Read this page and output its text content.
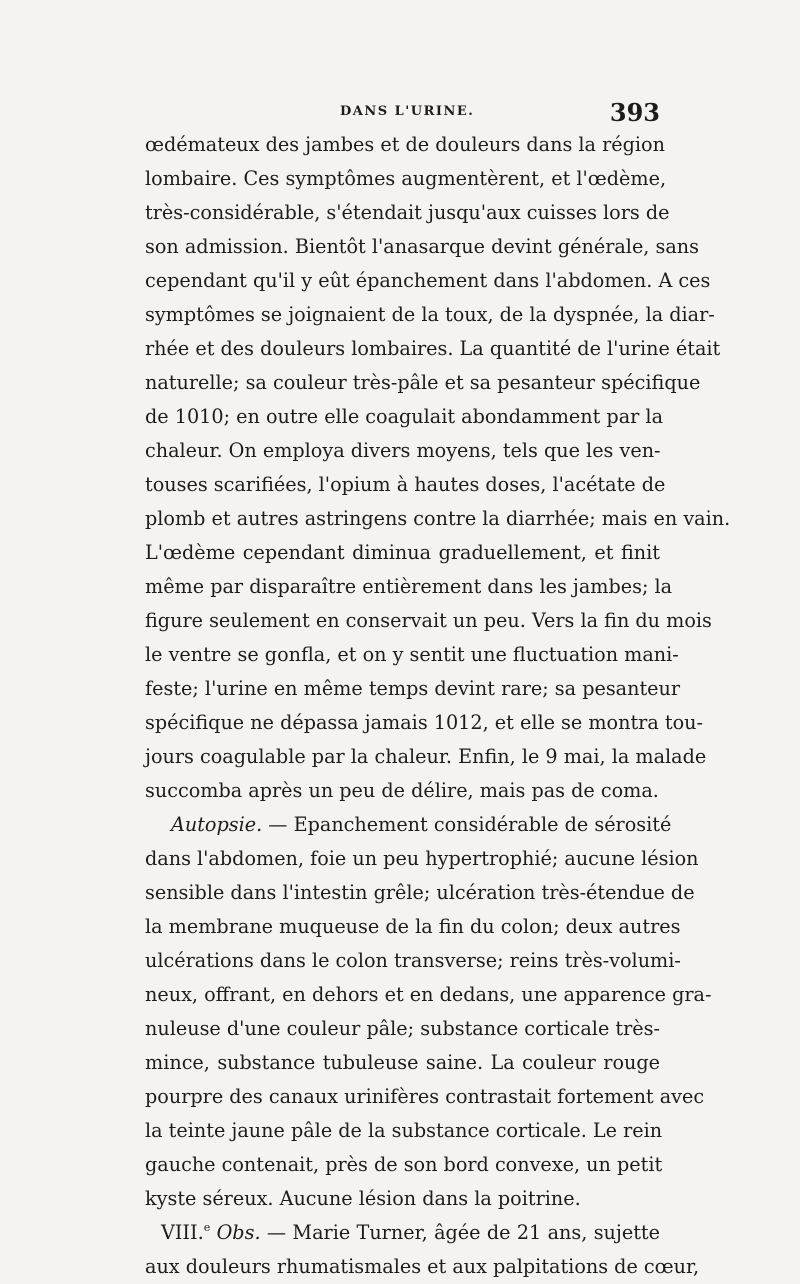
DANS L'URINE.	393
œdémateux des jambes et de douleurs dans la région
lombaire. Ces symptômes augmentèrent, et l'œdème,
très-considérable, s'étendait jusqu'aux cuisses lors de
son admission. Bientôt l'anasarque devint générale, sans
cependant qu'il y eût épanchement dans l'abdomen. A ces
symptômes se joignaient de la toux, de la dyspnée, la diar-
rhée et des douleurs lombaires. La quantité de l'urine était
naturelle; sa couleur très-pâle et sa pesanteur spécifique
de 1010; en outre elle coagulait abondamment par la
chaleur. On employa divers moyens, tels que les ven-
touses scarifiées, l'opium à hautes doses, l'acétate de
plomb et autres astringens contre la diarrhée; mais en vain.
L'œdème cependant diminua graduellement, et finit
même par disparaître entièrement dans les jambes; la
figure seulement en conservait un peu. Vers la fin du mois
le ventre se gonfla, et on y sentit une fluctuation mani-
feste; l'urine en même temps devint rare; sa pesanteur
spécifique ne dépassa jamais 1012, et elle se montra tou-
jours coagulable par la chaleur. Enfin, le 9 mai, la malade
succomba après un peu de délire, mais pas de coma.
Autopsie. — Epanchement considérable de sérosité
dans l'abdomen, foie un peu hypertrophié; aucune lésion
sensible dans l'intestin grêle; ulcération très-étendue de
la membrane muqueuse de la fin du colon; deux autres
ulcérations dans le colon transverse; reins très-volumi-
neux, offrant, en dehors et en dedans, une apparence gra-
nuleuse d'une couleur pâle; substance corticale très-
mince, substance tubuleuse saine. La couleur rouge
pourpre des canaux urinifères contrastait fortement avec
la teinte jaune pâle de la substance corticale. Le rein
gauche contenait, près de son bord convexe, un petit
kyste séreux. Aucune lésion dans la poitrine.
VIII.$^e$ Obs. — Marie Turner, âgée de 21 ans, sujette
aux douleurs rhumatismales et aux palpitations de cœur,
